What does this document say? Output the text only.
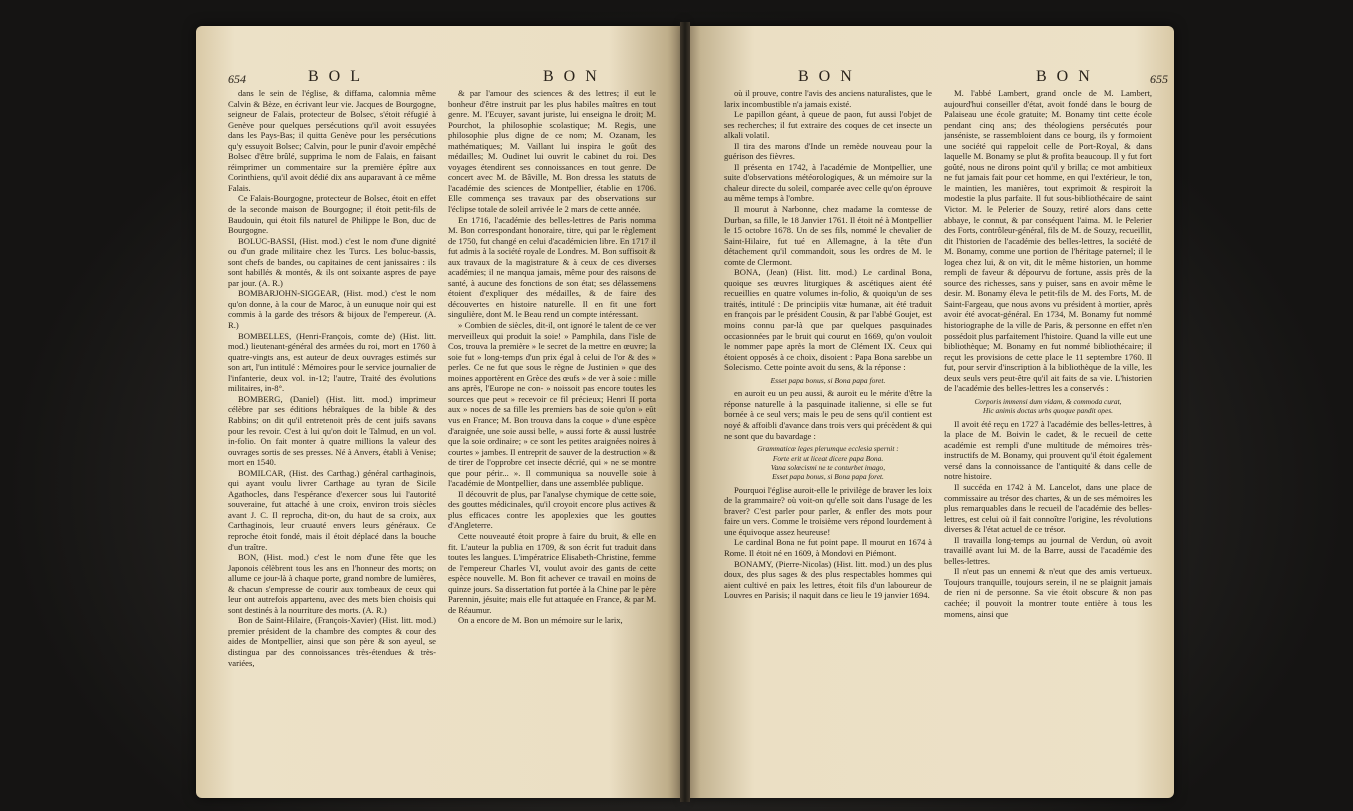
654	BOL	BON	BON	BON	655

dans le sein de l'église, & diffama, calomnia même Calvin & Bèze, en écrivant leur vie. Jacques de Bourgogne, seigneur de Falais, protecteur de Bolsec, s'étoit réfugié à Genève pour quelques persécutions qu'il avoit essuyées dans les Pays-Bas; il quitta Genève pour les persécutions qu'y essuyoit Bolsec; Calvin, pour le punir d'avoir empêché Bolsec d'être brûlé, supprima le nom de Falais, en faisant réimprimer un commentaire sur la première épître aux Corinthiens, qu'il avoit dédié dix ans auparavant à ce même Falais.

Ce Falais-Bourgogne, protecteur de Bolsec, étoit en effet de la seconde maison de Bourgogne; il étoit petit-fils de Baudouin, qui étoit fils naturel de Philippe le Bon, duc de Bourgogne.

BOLUC-BASSI, (Hist. mod.) c'est le nom d'une dignité ou d'un grade militaire chez les Turcs. Les boluc-bassis, sont chefs de bandes, ou capitaines de cent janissaires : ils sont habillés & montés, & ils ont soixante aspres de paye par jour. (A. R.)

BOMBARJOHN-SIGGEAR, (Hist. mod.) c'est le nom qu'on donne, à la cour de Maroc, à un eunuque noir qui est commis à la garde des trésors & bijoux de l'empereur. (A. R.)

BOMBELLES, (Henri-François, comte de) (Hist. litt. mod.) lieutenant-général des armées du roi, mort en 1760 à quatre-vingts ans, est auteur de deux ouvrages estimés sur son art, l'un intitulé : Mémoires pour le service journalier de l'infanterie, deux vol. in-12; l'autre, Traité des évolutions militaires, in-8°.

BOMBERG, (Daniel) (Hist. litt. mod.) imprimeur célèbre par ses éditions hébraïques de la bible & des Rabbins; on dit qu'il entretenoit près de cent juifs savans pour les revoir. C'est à lui qu'on doit le Talmud, en un vol. in-folio. On fait monter à quatre millions la valeur des ouvrages sortis de ses presses. Né à Anvers, établi à Venise; mort en 1540.

BOMILCAR, (Hist. des Carthag.) général carthaginois, qui ayant voulu livrer Carthage au tyran de Sicile Agathocles, dans l'espérance d'exercer sous lui l'autorité souveraine, fut attaché à une croix, environ trois siècles avant J. C. Il reprocha, dit-on, du haut de sa croix, aux Carthaginois, leur cruauté envers leurs généraux. Ce reproche étoit fondé, mais il étoit déplacé dans la bouche d'un traître.

BON, (Hist. mod.) c'est le nom d'une fête que les Japonois célèbrent tous les ans en l'honneur des morts; on allume ce jour-là à chaque porte, grand nombre de lumières, & chacun s'empresse de courir aux tombeaux de ceux qui leur ont autrefois appartenu, avec des mets bien choisis qui sont destinés à la nourriture des morts. (A. R.)

Bon de Saint-Hilaire, (François-Xavier) (Hist. litt. mod.) premier président de la chambre des comptes & cour des aides de Montpellier, ainsi que son père & son ayeul, se distingua par des connoissances très-étendues & très-variées,

& par l'amour des sciences & des lettres; il eut le bonheur d'être instruit par les plus habiles maîtres en tout genre. M. l'Ecuyer, savant juriste, lui enseigna le droit; M. Pourchot, la philosophie scolastique; M. Regis, une philosophie plus digne de ce nom; M. Ozanam, les mathématiques; M. Vaillant lui inspira le goût des médailles; M. Oudinet lui ouvrit le cabinet du roi. Des voyages étendirent ses connoissances en tout genre. De concert avec M. de Bâville, M. Bon dressa les statuts de l'académie des sciences de Montpellier, établie en 1706. Elle commença ses travaux par des observations sur l'éclipse totale de soleil arrivée le 2 mars de cette année.

En 1716, l'académie des belles-lettres de Paris nomma M. Bon correspondant honoraire, titre, qui par le règlement de 1750, fut changé en celui d'académicien libre. En 1717 il fut admis à la société royale de Londres. M. Bon suffisoit & aux travaux de la magistrature & à ceux de ces diverses académies; il ne manqua jamais, même pour des raisons de santé, à aucune des fonctions de son état; ses délassemens étoient d'expliquer des médailles, & de faire des découvertes en histoire naturelle. Il en fit une fort singulière, dont M. le Beau rend un compte intéressant.

» Combien de siècles, dit-il, ont ignoré le talent de ce ver merveilleux qui produit la soie! » Pamphila, dans l'isle de Cos, trouva la première » le secret de la mettre en œuvre; la soie fut » long-temps d'un prix égal à celui de l'or & des » perles. Ce ne fut que sous le règne de Justinien » que des moines apportèrent en Grèce des œufs » de ver à soie : mille ans après, l'Europe ne con- » noissoit pas encore toutes les sources que peut » recevoir ce fil précieux; Henri II porta aux » noces de sa fille les premiers bas de soie qu'on » eût vus en France; M. Bon trouva dans la coque » d'une espèce d'araignée, une soie aussi belle, » aussi forte & aussi lustrée que la soie ordinaire; » ce sont les petites araignées noires à courtes » jambes. Il entreprit de sauver de la destruction » & de tirer de l'opprobre cet insecte décrié, qui » ne se montre que pour périr... ». Il communiqua sa nouvelle soie à l'académie de Montpellier, dans une assemblée publique.

Il découvrit de plus, par l'analyse chymique de cette soie, des gouttes médicinales, qu'il croyoit encore plus actives & plus efficaces contre les apoplexies que les gouttes d'Angleterre.

Cette nouveauté étoit propre à faire du bruit, & elle en fit. L'auteur la publia en 1709, & son écrit fut traduit dans toutes les langues. L'impératrice Elisabeth-Christine, femme de l'empereur Charles VI, voulut avoir des gants de cette espèce nouvelle. M. Bon fit achever ce travail en moins de quinze jours. Sa dissertation fut portée à la Chine par le père Parennin, jésuite; mais elle fut attaquée en France, & par M. de Réaumur.

On a encore de M. Bon un mémoire sur le larix,

où il prouve, contre l'avis des anciens naturalistes, que le larix incombustible n'a jamais existé.

Le papillon géant, à queue de paon, fut aussi l'objet de ses recherches; il fut extraire des coques de cet insecte un alkali volatil.

Il tira des marons d'Inde un remède nouveau pour la guérison des fièvres.

Il présenta en 1742, à l'académie de Montpellier, une suite d'observations météorologiques, & un mémoire sur la chaleur directe du soleil, comparée avec celle qu'on éprouve au même temps à l'ombre.

Il mourut à Narbonne, chez madame la comtesse de Durban, sa fille, le 18 Janvier 1761. Il étoit né à Montpellier le 15 octobre 1678. Un de ses fils, nommé le chevalier de Saint-Hilaire, fut tué en Allemagne, à la tête d'un détachement qu'il commandoit, sous les ordres de M. le comte de Clermont.

BONA, (Jean) (Hist. litt. mod.) Le cardinal Bona, quoique ses œuvres liturgiques & ascétiques aient été recueillies en quatre volumes in-folio, & quoiqu'un de ses traités, intitulé : De principiis vitæ humanæ, ait été traduit en françois par le président Cousin, & par l'abbé Goujet, est moins connu par-là que par quelques pasquinades occasionnées par le bruit qui courut en 1669, qu'on vouloit le nommer pape après la mort de Clément IX. Ceux qui étoient opposés à ce choix, disoient : Papa Bona sarebbe un Solecismo. Cette pointe avoit du sens, & la réponse :

Esset papa bonus, si Bona papa foret.

en auroit eu un peu aussi, & auroit eu le mérite d'être la réponse naturelle à la pasquinade italienne, si elle se fut bornée à ce seul vers; mais le peu de sens qu'il contient est noyé & affoibli d'avance dans trois vers qui précèdent & qui ne sont que du bavardage :

Grammaticæ leges plerumque ecclesia spernit :

Forte erit ut liceat dicere papa Bona.

Vana solœcismi ne te conturbet imago,

Esset papa bonus, si Bona papa foret.

Pourquoi l'église auroit-elle le privilège de braver les loix de la grammaire? où voit-on qu'elle soit dans l'usage de les braver? C'est parler pour parler, & enfler des mots pour faire un vers. Comme le troisième vers répond lourdement à une équivoque assez heureuse!

Le cardinal Bona ne fut point pape. Il mourut en 1674 à Rome. Il étoit né en 1609, à Mondovi en Piémont.

BONAMY, (Pierre-Nicolas) (Hist. litt. mod.) un des plus doux, des plus sages & des plus respectables hommes qui aient cultivé en paix les lettres, étoit fils d'un laboureur de Louvres en Parisis; il naquit dans ce lieu le 19 janvier 1694.

M. l'abbé Lambert, grand oncle de M. Lambert, aujourd'hui conseiller d'état, avoit fondé dans le bourg de Palaiseau une école gratuite; M. Bonamy tint cette école pendant cinq ans; des théologiens persécutés pour janséniste, se rassembloient dans ce bourg, ils y formoient une société qui rappeloit celle de Port-Royal, & dans laquelle M. Bonamy se plut & profita beaucoup. Il y fut fort goûté, nous ne dirons point qu'il y brilla; ce mot ambitieux ne fut jamais fait pour cet homme, en qui l'extérieur, le ton, le maintien, les manières, tout exprimoit & respiroit la modestie la plus parfaite. Il fut sous-bibliothécaire de saint Victor. M. le Pelerier de Souzy, retiré alors dans cette abbaye, le connut, & par conséquent l'aima. M. le Pelerier des Forts, contrôleur-général, fils de M. de Souzy, recueillit, dit l'historien de l'académie des belles-lettres, la société de M. Bonamy, comme une portion de l'héritage paternel; il le logea chez lui, & on vit, dit le même historien, un homme rempli de faveur & dépourvu de fortune, assis près de la source des richesses, sans y puiser, sans en avoir même le desir. M. Bonamy éleva le petit-fils de M. des Forts, M. de Saint-Fargeau, que nous avons vu président à mortier, après avoir été avocat-général. En 1734, M. Bonamy fut nommé historiographe de la ville de Paris, & personne en effet n'en possédoit plus parfaitement l'histoire. Quand la ville eut une bibliothèque; M. Bonamy en fut nommé bibliothécaire; il reçut les provisions de cette place le 11 septembre 1760. Il fut, pour servir d'inscription à la bibliothèque de la ville, les deux seuls vers peut-être qu'il ait faits de sa vie. L'historien de l'académie des belles-lettres les a conservés :

Corporis immensi dum vidam, & commoda curat,

Hic animis doctas urbs quoque pandit opes.

Il avoit été reçu en 1727 à l'académie des belles-lettres, à la place de M. Boivin le cadet, & le recueil de cette académie est rempli d'une multitude de mémoires très-instructifs de M. Bonamy, qui prouvent qu'il étoit également versé dans la connoissance de l'antiquité & dans celle de notre histoire.

Il succéda en 1742 à M. Lancelot, dans une place de commissaire au trésor des chartes, & un de ses mémoires les plus remarquables dans le recueil de l'académie des belles-lettres, est celui où il fait connoître l'origine, les révolutions diverses & l'état actuel de ce trésor.

Il travailla long-temps au journal de Verdun, où avoit travaillé avant lui M. de la Barre, aussi de l'académie des belles-lettres.

Il n'eut pas un ennemi & n'eut que des amis vertueux. Toujours tranquille, toujours serein, il ne se plaignit jamais de rien ni de personne. Sa vie étoit obscure & non pas cachée; il pouvoit la montrer toute entière à tous les momens, ainsi que
